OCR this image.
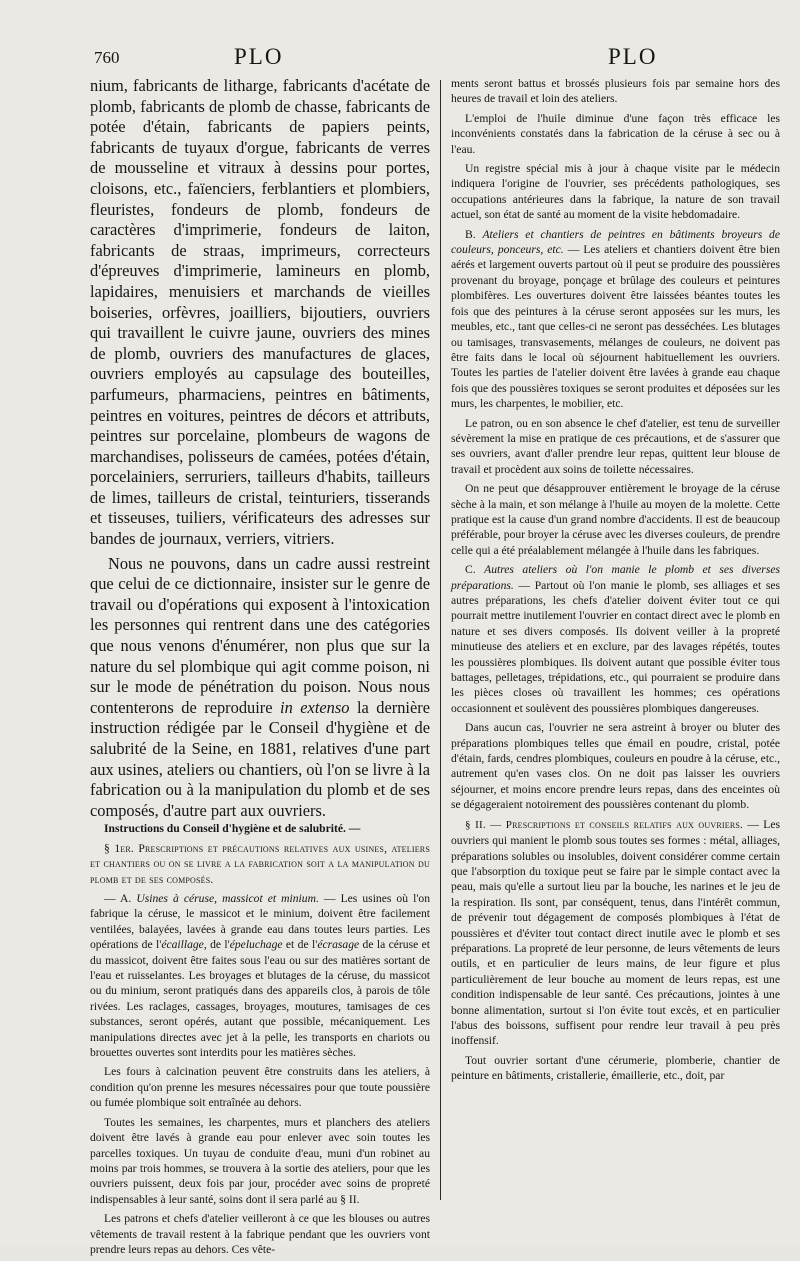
760	PLO	PLO

nium, fabricants de litharge, fabricants d'acétate de plomb, fabricants de plomb de chasse, fabricants de potée d'étain, fabricants de papiers peints, fabricants de tuyaux d'orgue, fabricants de verres de mousseline et vitraux à dessins pour portes, cloisons, etc., faïenciers, ferblantiers et plombiers, fleuristes, fondeurs de plomb, fondeurs de caractères d'imprimerie, fondeurs de laiton, fabricants de straas, imprimeurs, correcteurs d'épreuves d'imprimerie, lamineurs en plomb, lapidaires, menuisiers et marchands de vieilles boiseries, orfèvres, joailliers, bijoutiers, ouvriers qui travaillent le cuivre jaune, ouvriers des mines de plomb, ouvriers des manufactures de glaces, ouvriers employés au capsulage des bouteilles, parfumeurs, pharmaciens, peintres en bâtiments, peintres en voitures, peintres de décors et attributs, peintres sur porcelaine, plombeurs de wagons de marchandises, polisseurs de camées, potées d'étain, porcelainiers, serruriers, tailleurs d'habits, tailleurs de limes, tailleurs de cristal, teinturiers, tisserands et tisseuses, tuiliers, vérificateurs des adresses sur bandes de journaux, verriers, vitriers.

Nous ne pouvons, dans un cadre aussi restreint que celui de ce dictionnaire, insister sur le genre de travail ou d'opérations qui exposent à l'intoxication les personnes qui rentrent dans une des catégories que nous venons d'énumérer, non plus que sur la nature du sel plombique qui agit comme poison, ni sur le mode de pénétration du poison. Nous nous contenterons de reproduire in extenso la dernière instruction rédigée par le Conseil d'hygiène et de salubrité de la Seine, en 1881, relatives d'une part aux usines, ateliers ou chantiers, où l'on se livre à la fabrication ou à la manipulation du plomb et de ses composés, d'autre part aux ouvriers.

Instructions du Conseil d'hygiène et de salubrité. —

§ 1er. Prescriptions et précautions relatives aux usines, ateliers et chantiers ou on se livre a la fabrication soit a la manipulation du plomb et de ses composés.

— A. Usines à céruse, massicot et minium. — Les usines où l'on fabrique la céruse, le massicot et le minium, doivent être facilement ventilées, balayées, lavées à grande eau dans toutes leurs parties. Les opérations de l'écaillage, de l'épeluchage et de l'écrasage de la céruse et du massicot, doivent être faites sous l'eau ou sur des matières sortant de l'eau et ruisselantes. Les broyages et blutages de la céruse, du massicot ou du minium, seront pratiqués dans des appareils clos, à parois de tôle rivées. Les raclages, cassages, broyages, moutures, tamisages de ces substances, seront opérés, autant que possible, mécaniquement. Les manipulations directes avec jet à la pelle, les transports en chariots ou brouettes ouvertes sont interdits pour les matières sèches.

Les fours à calcination peuvent être construits dans les ateliers, à condition qu'on prenne les mesures nécessaires pour que toute poussière ou fumée plombique soit entraînée au dehors.

Toutes les semaines, les charpentes, murs et planchers des ateliers doivent être lavés à grande eau pour enlever avec soin toutes les parcelles toxiques. Un tuyau de conduite d'eau, muni d'un robinet au moins par trois hommes, se trouvera à la sortie des ateliers, pour que les ouvriers puissent, deux fois par jour, procéder avec soins de propreté indispensables à leur santé, soins dont il sera parlé au § II.

Les patrons et chefs d'atelier veilleront à ce que les blouses ou autres vêtements de travail restent à la fabrique pendant que les ouvriers vont prendre leurs repas au dehors. Ces vête-

ments seront battus et brossés plusieurs fois par semaine hors des heures de travail et loin des ateliers.

L'emploi de l'huile diminue d'une façon très efficace les inconvénients constatés dans la fabrication de la céruse à sec ou à l'eau.

Un registre spécial mis à jour à chaque visite par le médecin indiquera l'origine de l'ouvrier, ses précédents pathologiques, ses occupations antérieures dans la fabrique, la nature de son travail actuel, son état de santé au moment de la visite hebdomadaire.

B. Ateliers et chantiers de peintres en bâtiments broyeurs de couleurs, ponceurs, etc. — Les ateliers et chantiers doivent être bien aérés et largement ouverts partout où il peut se produire des poussières provenant du broyage, ponçage et brûlage des couleurs et peintures plombifères. Les ouvertures doivent être laissées béantes toutes les fois que des peintures à la céruse seront apposées sur les murs, les meubles, etc., tant que celles-ci ne seront pas desséchées. Les blutages ou tamisages, transvasements, mélanges de couleurs, ne doivent pas être faits dans le local où séjournent habituellement les ouvriers. Toutes les parties de l'atelier doivent être lavées à grande eau chaque fois que des poussières toxiques se seront produites et déposées sur les murs, les charpentes, le mobilier, etc.

Le patron, ou en son absence le chef d'atelier, est tenu de surveiller sévèrement la mise en pratique de ces précautions, et de s'assurer que ses ouvriers, avant d'aller prendre leur repas, quittent leur blouse de travail et procèdent aux soins de toilette nécessaires.

On ne peut que désapprouver entièrement le broyage de la céruse sèche à la main, et son mélange à l'huile au moyen de la molette. Cette pratique est la cause d'un grand nombre d'accidents. Il est de beaucoup préférable, pour broyer la céruse avec les diverses couleurs, de prendre celle qui a été préalablement mélangée à l'huile dans les fabriques.

C. Autres ateliers où l'on manie le plomb et ses diverses préparations. — Partout où l'on manie le plomb, ses alliages et ses autres préparations, les chefs d'atelier doivent éviter tout ce qui pourrait mettre inutilement l'ouvrier en contact direct avec le plomb en nature et ses divers composés. Ils doivent veiller à la propreté minutieuse des ateliers et en exclure, par des lavages répétés, toutes les poussières plombiques. Ils doivent autant que possible éviter tous battages, pelletages, trépidations, etc., qui pourraient se produire dans les pièces closes où travaillent les hommes; ces opérations occasionnent et soulèvent des poussières plombiques dangereuses.

Dans aucun cas, l'ouvrier ne sera astreint à broyer ou bluter des préparations plombiques telles que émail en poudre, cristal, potée d'étain, fards, cendres plombiques, couleurs en poudre à la céruse, etc., autrement qu'en vases clos. On ne doit pas laisser les ouvriers séjourner, et moins encore prendre leurs repas, dans des enceintes où se dégageraient notoirement des poussières contenant du plomb.

§ II. — Prescriptions et conseils relatifs aux ouvriers. — Les ouvriers qui manient le plomb sous toutes ses formes : métal, alliages, préparations solubles ou insolubles, doivent considérer comme certain que l'absorption du toxique peut se faire par le simple contact avec la peau, mais qu'elle a surtout lieu par la bouche, les narines et le jeu de la respiration. Ils sont, par conséquent, tenus, dans l'intérêt commun, de prévenir tout dégagement de composés plombiques à l'état de poussières et d'éviter tout contact direct inutile avec le plomb et ses préparations. La propreté de leur personne, de leurs vêtements de leurs outils, et en particulier de leurs mains, de leur figure et plus particulièrement de leur bouche au moment de leurs repas, est une condition indispensable de leur santé. Ces précautions, jointes à une bonne alimentation, surtout si l'on évite tout excès, et en particulier l'abus des boissons, suffisent pour rendre leur travail à peu près inoffensif.

Tout ouvrier sortant d'une cérumerie, plomberie, chantier de peinture en bâtiments, cristallerie, émaillerie, etc., doit, par
